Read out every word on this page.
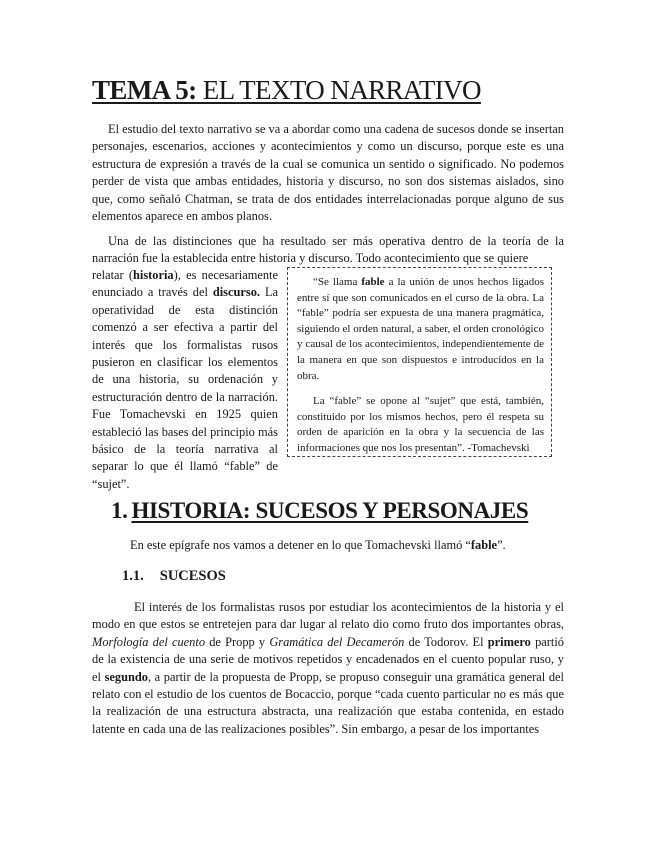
TEMA 5: EL TEXTO NARRATIVO

El estudio del texto narrativo se va a abordar como una cadena de sucesos donde se insertan personajes, escenarios, acciones y acontecimientos y como un discurso, porque este es una estructura de expresión a través de la cual se comunica un sentido o significado. No podemos perder de vista que ambas entidades, historia y discurso, no son dos sistemas aislados, sino que, como señaló Chatman, se trata de dos entidades interrelacionadas porque alguno de sus elementos aparece en ambos planos.

Una de las distinciones que ha resultado ser más operativa dentro de la teoría de la narración fue la establecida entre historia y discurso. Todo acontecimiento que se quiere

relatar (historia), es necesariamente enunciado a través del discurso. La operatividad de esta distinción comenzó a ser efectiva a partir del interés que los formalistas rusos pusieron en clasificar los elementos de una historia, su ordenación y estructuración dentro de la narración. Fue Tomachevski en 1925 quien estableció las bases del principio más básico de la teoría narrativa al separar lo que él llamó “fable” de “sujet”.

“Se llama fable a la unión de unos hechos ligados entre sí que son comunicados en el curso de la obra. La “fable” podría ser expuesta de una manera pragmática, siguiendo el orden natural, a saber, el orden cronológico y causal de los acontecimientos, independientemente de la manera en que son dispuestos e introducidos en la obra.

La “fable” se opone al “sujet” que está, también, constituido por los mismos hechos, pero él respeta su orden de aparición en la obra y la secuencia de las informaciones que nos los presentan”. -Tomachevski

1. HISTORIA: SUCESOS Y PERSONAJES
En este epígrafe nos vamos a detener en lo que Tomachevski llamó “fable”.
1.1. SUCESOS

El interés de los formalistas rusos por estudiar los acontecimientos de la historia y el modo en que estos se entretejen para dar lugar al relato dio como fruto dos importantes obras, Morfología del cuento de Propp y Gramática del Decamerón de Todorov. El primero partió de la existencia de una serie de motivos repetidos y encadenados en el cuento popular ruso, y el segundo, a partir de la propuesta de Propp, se propuso conseguir una gramática general del relato con el estudio de los cuentos de Bocaccio, porque “cada cuento particular no es más que la realización de una estructura abstracta, una realización que estaba contenida, en estado latente en cada una de las realizaciones posibles”. Sin embargo, a pesar de los importantes
